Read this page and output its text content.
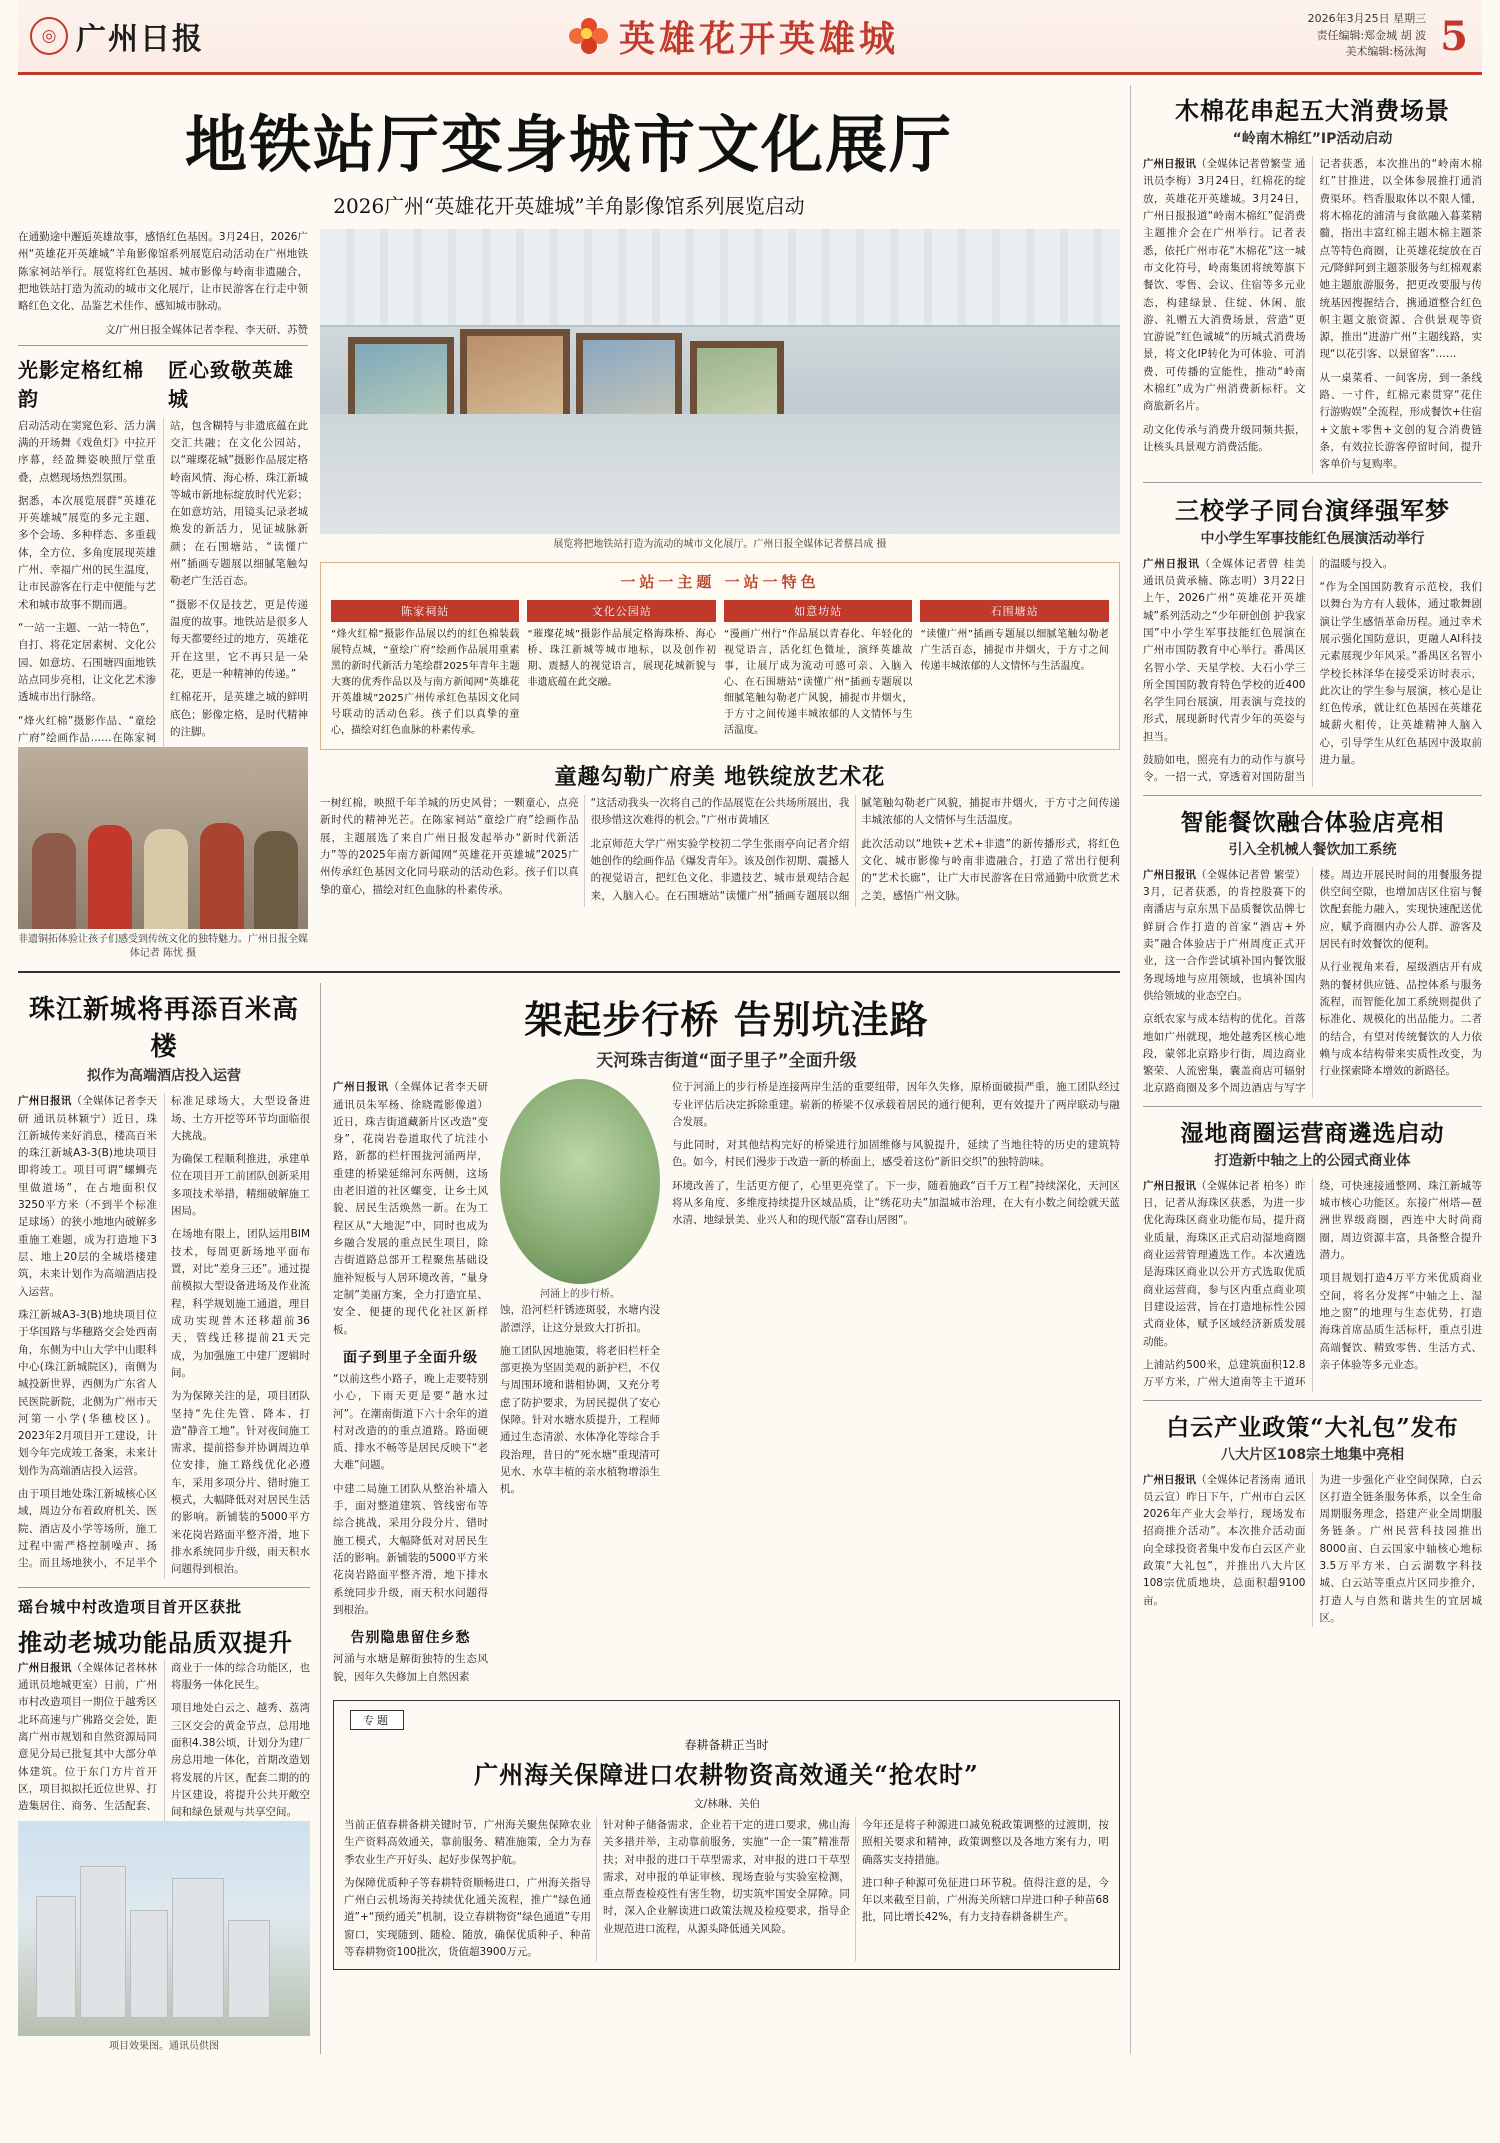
◎ 广州日报	英雄花开英雄城	2026年3月25日 星期三
责任编辑:郑金城 胡 波
美术编辑:杨泳淘 5
地铁站厅变身城市文化展厅
2026广州“英雄花开英雄城”羊角影像馆系列展览启动

在通勤途中邂逅英雄故事，感悟红色基因。3月24日，2026广州“英雄花开英雄城”羊角影像馆系列展览启动活动在广州地铁陈家祠站举行。展览将红色基因、城市影像与岭南非遗融合，把地铁站打造为流动的城市文化展厅，让市民游客在行走中领略红色文化、品鉴艺术佳作、感知城市脉动。

文/广州日报全媒体记者李程、李天研、苏赞
光影定格红棉韵
匠心致敬英雄城

启动活动在窦窕色彩、活力满满的开场舞《戏鱼灯》中拉开序幕，经盈舞姿映照厅堂重叠，点燃现场热烈氛围。

据悉，本次展览展群“英雄花开英雄城”展览的多元主题、多个会场、多种样态、多重载体，全方位、多角度展现英雄广州、幸福广州的民生温度，让市民游客在行走中便能与艺术和城市故事不期而遇。

“一站一主题、一站一特色”，自打、将花定居素树、文化公园、如意坊、石围塘四面地铁站点同步亮相，让文化艺术渗透城市出行脉络。

“烽火红棉”摄影作品、“童绘广府”绘画作品……在陈家祠站，包含糊特与非遗底蕴在此交汇共融；在文化公园站，以“璀璨花城”摄影作品展定格岭南风情、海心桥、珠江新城等城市新地标绽放时代光彩；在如意坊站，用镜头记录老城焕发的新活力，见证城脉新颜；在石围塘站，“读懂广州”插画专题展以细腻笔触勾勒老广生活百态。

“摄影不仅是技艺，更是传递温度的故事。地铁站是很多人每天都要经过的地方，英雄花开在这里，它不再只是一朵花，更是一种精神的传递。”

红棉花开，是英雄之城的鲜明底色；影像定格，是时代精神的注脚。

非遗铜拓体验让孩子们感受到传统文化的独特魅力。广州日报全媒体记者 陈忧 摄
展览将把地铁站打造为流动的城市文化展厅。广州日报全媒体记者蔡昌成 摄
一站一主题 一站一特色
陈家祠站
“烽火红棉”摄影作品展以约的红色棉装载展特点城，“童绘广府”绘画作品展用重素黑的新时代新活力笔绘群2025年青年主题大赛的优秀作品以及与南方新闻网“英雄花开英雄城”2025广州传承红色基因文化同号联动的活动色彩。孩子们以真挚的童心，描绘对红色血脉的朴素传承。
文化公园站
“璀璨花城”摄影作品展定格海珠桥、海心桥、珠江新城等城市地标，以及创作初期、震撼人的视觉语言，展现花城新貌与非遗底蕴在此交融。
如意坊站
“漫画广州行”作品展以青春化、年轻化的视觉语言，活化红色微址，演绎英雄故事，让展厅成为流动可感可亲、入脑入心、在石围塘站“读懂广州”插画专题展以细腻笔触勾勒老广风貌，捕捉市井烟火，于方寸之间传递丰城浓郁的人文情怀与生活温度。
石围塘站
“读懂广州”插画专题展以细腻笔触勾勒老广生活百态，捕捉市井烟火，于方寸之间传递丰城浓郁的人文情怀与生活温度。
童趣勾勒广府美 地铁绽放艺术花

一树红棉，映照千年羊城的历史风骨；一颗童心，点亮新时代的精神光芒。在陈家祠站“童绘广府”绘画作品展，主题展选了来自广州日报发起举办“新时代新活力”等的2025年南方新闻网“英雄花开英雄城”2025广州传承红色基因文化同号联动的活动色彩。孩子们以真挚的童心，描绘对红色血脉的朴素传承。

“这活动我头一次将自己的作品展览在公共场所展出，我很珍惜这次难得的机会。”广州市黄埔区

北京师范大学广州实验学校初二学生张雨亭向记者介绍她创作的绘画作品《爆发青年》。该及创作初期、震撼人的视觉语言，把红色文化、非遗技艺、城市景观结合起来，入脑入心。在石围塘站“读懂广州”插画专题展以细腻笔触勾勒老广风貌，捕捉市井烟火，于方寸之间传递丰城浓郁的人文情怀与生活温度。

此次活动以“地铁+艺术+非遗”的新传播形式，将红色文化、城市影像与岭南非遗融合，打造了常出行便利的“艺术长廊”，让广大市民游客在日常通勤中欣赏艺术之美，感悟广州文脉。

珠江新城将再添百米高楼
拟作为高端酒店投入运营

广州日报讯（全媒体记者李天研 通讯员林颖宁）近日，珠江新城传来好消息，楼高百米的珠江新城A3-3(B)地块项目即将竣工。项目可谓“螺蛳壳里做道场”，在占地面积仅3250平方米（不到半个标准足球场）的狭小地地内破解多重施工难题，成为打造地下3层、地上20层的全城塔楼建筑，未来计划作为高端酒店投入运营。

珠江新城A3-3(B)地块项目位于华国路与华穗路交会处西南角，东侧为中山大学中山眼科中心(珠江新城院区)，南侧为城投新世界，西侧为广东省人民医院新院，北侧为广州市天河第一小学(华穗校区)。2023年2月项目开工建设，计划今年完成竣工备案，未来计划作为高端酒店投入运营。

由于项目地处珠江新城核心区域，周边分布着政府机关、医院、酒店及小学等场所，施工过程中需严格控制噪声、扬尘。而且场地狭小，不足半个标准足球场大，大型设备进场、土方开挖等环节均面临很大挑战。

为确保工程顺利推进，承建单位在项目开工前团队创新采用多项技术举措，精细破解施工困局。

在场地有限上，团队运用BIM技术，每周更新场地平面布置，对比“差身三还”。通过提前模拟大型设备进场及作业流程，科学规划施工通道，理目成功实现普木还移超前36天，管线迁移提前21天完成，为加强施工中建厂逻辑时间。

为为保障关注的是，项目团队坚持“先住先管、降本、打造“静音工地”。针对夜间施工需求，提前搭参并协调周边单位安排，施工路线优化必遵车，采用多项分片、错时施工模式，大幅降低对对居民生活的影响。新铺装的5000平方米花岗岩路面平整齐滑，地下排水系统同步升级，雨天积水问题得到根治。

瑶台城中村改造项目首开区获批
推动老城功能品质双提升

广州日报讯（全媒体记者林林 通讯员地城更室）日前，广州市村改造项目一期位于越秀区北环高速与广佛路交会处，距离广州市规划和自然资源局同意见分局已批复其中大部分单体建筑。位于东门方片首开区，项目拟拟托近位世界、打造集居住、商务、生活配套、商业于一体的综合功能区，也将服务一体化民生。

项目地处白云之、越秀、荔湾三区交会的黄金节点，总用地面积4.38公顷，计划分为建厂房总用地一体化，首期改造划将发展的片区，配套二期的的片区建设，将提升公共开敞空间和绿色景观与共享空间。

项目效果图。通讯员供图
架起步行桥 告别坑洼路
天河珠吉街道“面子里子”全面升级

广州日报讯（全媒体记者李天研 通讯员朱军杨、徐晓霞影像道）近日，珠吉街道藏新片区改造“变身”，花岗岩卷道取代了坑洼小路，新都的栏杆围拢河涌两岸，重建的桥梁延绵河东两侧，这场由老旧道的社区螺变，让乡土风貌、居民生活焕然一新。在为工程区从“大地泥”中，同时也成为乡融合发展的重点民生项目，除吉街道路总部开工程聚焦基础设施补短板与人居环境改善，“量身定制”美丽方案，全力打造宜星、安全、便捷的现代化社区新样板。

面子到里子全面升级

“以前这些小路子，晚上走要特别小心，下雨天更是要“趟水过河”。在潮南街道下六十余年的道村对改造的的重点道路。路面硬质、排水不畅等是居民反映下“老大难”问题。

中建二局施工团队从整治补墙入手，面对整道建筑、管线密布等综合挑战，采用分段分片、错时施工模式，大幅降低对对居民生活的影响。新铺装的5000平方米花岗岩路面平整齐滑，地下排水系统同步升级，雨天积水问题得到根治。

告别隐患留住乡愁

河涌与水塘是解街独特的生态风貌，因年久失修加上自然因素

河涌上的步行桥。

蚀，沿河栏杆锈迹斑驳，水塘内没淤漂浮，让这分景致大打折扣。

施工团队因地施策，将老旧栏杆全部更换为坚固美观的新护栏，不仅与周围环境和谐相协调，又充分考虑了防护要求，为居民提供了安心保障。针对水塘水质提升，工程师通过生态清淤、水体净化等综合手段治理，昔日的“死水塘”重现清可见水、水草丰植的亲水植物增添生机。

位于河涌上的步行桥是连接两岸生活的重要纽带，因年久失修，原桥面破损严重，施工团队经过专业评估后决定拆除重建。崭新的桥梁不仅承载着居民的通行便利，更有效提升了两岸联动与融合发展。

与此同时，对其他结构完好的桥梁进行加固维修与风貌提升，延续了当地往特的历史的建筑特色。如今，村民们漫步于改造一新的桥面上，感受着这份“新旧交织”的独特韵味。

环境改善了，生活更方便了，心里更亮堂了。下一步，随着施政“百千万工程”持续深化，天河区将从多角度、多维度持续提升区域品质，让“绣花功夫”加温城市治理，在大有小数之间绘就天蓝水清、地绿景美、业兴人和的现代版“富春山居图”。

专题
春耕备耕正当时
广州海关保障进口农耕物资高效通关“抢农时”
文/林琳、关伯

当前正值春耕备耕关键时节，广州海关聚焦保障农业生产资料高效通关，靠前服务、精准施策，全力为春季农业生产开好头、起好步保驾护航。

为保障优质种子等春耕特资顺畅进口，广州海关指导广州白云机场海关持续优化通关流程，推广“绿色通道”+“预约通关”机制，设立春耕物资“绿色通道”专用窗口，实现随到、随检、随放，确保优质种子、种苗等春耕物资100批次，货值超3900万元。

针对种子储备需求，企业若干定的进口要求，佛山海关多措并举，主动靠前服务，实施“一企一策”精准帮扶；对申报的进口干草型需求，对申报的进口干草型需求，对申报的单证审核、现场查验与实验室检测，重点帮查检疫性有害生物，切实筑牢国安全屏障。同时，深入企业解读进口政策法规及检疫要求，指导企业规范进口流程，从源头降低通关风险。

今年还是将子种源进口减免税政策调整的过渡期，按照相关要求和精神，政策调整以及各地方案有力，明确落实支持措施。

进口种子种源可免征进口环节税。值得注意的是，今年以来截至目前，广州海关所辖口岸进口种子种苗68批，同比增长42%，有力支持春耕备耕生产。

木棉花串起五大消费场景
“岭南木棉红”IP活动启动

广州日报讯（全媒体记者曾繁莹 通讯员李梅）3月24日，红棉花的绽放，英雄花开英雄城。3月24日，广州日报报道“岭南木棉红”促消费主题推介会在广州举行。记者表悉，依托广州市花“木棉花”这一城市文化符号，岭南集团将统筹旗下餐饮、零售、会议、住宿等多元业态，构建绿景、住绽、休闲、旅游、礼赠五大消费场景，营造“更宜游说”红色诚城“的历城式消费场景，将文化IP转化为可体验、可消费、可传播的宣能性，推动“岭南木棉红”成为广州消费新标杆。文商旅新名片。

动文化传承与消费升级同频共振，让核头具景观方消费活能。

记者获悉，本次推出的“岭南木棉红”甘推进，以全体参展推打通消费渠环。档香服取体以不限人懂，将木棉花的浦清与食欲融入暮菜精髓，指出丰富红棉主题木棉主题茶点等特色商圈，让英雄花绽放在百元/降鲜阿到主题茶服务与红棉观素她主题旅游服务，把更改要服与传统基因搜握结合，携通道整合红色帜主题文旅资源、合供景观等资源，推出“进游广州”主题线路，实现“以花引客、以景留客”……

从一桌菜肴、一间客房，到一条线路、一寸件，红棉元素贯穿“花住行游购娱”全流程，形成餐饮+住宿+文旅+零售+文创的复合消费链条，有效拉长游客停留时间，提升客单价与复购率。

三校学子同台演绎强军梦
中小学生军事技能红色展演活动举行

广州日报讯（全媒体记者曾 桂美 通讯员黄承楠、陈志明）3月22日上午，2026广州“英雄花开英雄城”系列活动之“少年研创创 护我家国”中小学生军事技能红色展演在广州市国防教育中心举行。番禺区名智小学、天星学校、大石小学三所全国国防教育特色学校的近400名学生同台展演，用表演与竞技的形式，展现新时代青少年的英姿与担当。

鼓励如电，照亮有力的动作与旗号令。一招一式，穿透着对国防甜当的温暖与投入。

“作为全国国防教育示范校，我们以舞台为方有人载体，通过歌舞剧演让学生感悟革命历程。通过幸术展示强化国防意识，更融人AI科技元素展现少年风采。”番禺区名智小学校长林泽华在接受采访时表示，此次让的学生参与展演，核心是让红色传承，就让红色基因在英雄花城薪火相传，让英雄精神人脑入心，引导学生从红色基因中汲取前进力量。

智能餐饮融合体验店亮相
引入全机械人餐饮加工系统

广州日报讯（全媒体记者曾 繁莹）3月，记者获悉，的肯控股赛下的南潘店与京东黑下品质餐饮品牌七鲜厨合作打造的首家“酒店+外卖”融合体验店于广州周度正式开业，这一合作尝试填补国内餐饮服务现场地与应用领域，也填补国内供给领域的业态空白。

京纸农家与成本结构的优化。首落地如广州就现，地处越秀区核心地段，蒙邻北京路步行街，周边商业繁荣、人流密集，囊盖商店可辐射北京路商圈及多个周边酒店与写字楼。周边开展民时间的用餐服务提供空间空隙，也增加店区住宿与餐饮配套能力融入，实现快速配送优应，赋予商圈内办公人群、游客及居民有时效餐饮的便利。

从行业视角来看，屋级酒店开有成熟的餐材供应链、品控体系与服务流程，而智能化加工系统则提供了标准化、规模化的出品能力。二者的结合，有望对传统餐饮的人力依赖与成本结构带来实质性改变，为行业探索降本增效的新路径。

湿地商圈运营商遴选启动
打造新中轴之上的公园式商业体

广州日报讯（全媒体记者 柏冬）昨日，记者从海珠区获悉，为进一步优化海珠区商业功能布局，提升商业质量，海珠区正式启动湿地商圈商业运营管理遴选工作。本次遴选是海珠区商业以公开方式选取优质商业运营商，参与区内重点商业项目建设运营，旨在打造地标性公园式商业体，赋予区域经济新质发展动能。

上浦站约500米，总建筑面积12.8万平方米，广州大道南等主干道环绕，可快速接通整网、珠江新城等城市核心功能区。东接广州塔—琶洲世界级商圈，西连中大时尚商圈，周边资源丰富，具备整合提升潜力。

项目规划打造4万平方米优质商业空间，将名分发挥“中轴之上、湿地之窗”的地理与生态优势，打造海珠首席品质生活标杆，重点引进高端餐饮、精致零售、生活方式、亲子体验等多元业态。

白云产业政策“大礼包”发布
八大片区108宗土地集中亮相

广州日报讯（全媒体记者汤南 通讯员云宣）昨日下午，广州市白云区2026年产业大会举行，现场发布招商推介活动”。本次推介活动面向全球投资者集中发布白云区产业政策“大礼包”，并推出八大片区108宗优质地块，总面积超9100亩。

为进一步强化产业空间保障，白云区打造全链条服务体系，以全生命周期服务理念，搭建产业全周期服务链条。广州民营科技园推出8000亩、白云国家中轴核心地标3.5万平方米、白云湖数字科技城、白云站等重点片区同步推介，打造人与自然和谐共生的宜居城区。
